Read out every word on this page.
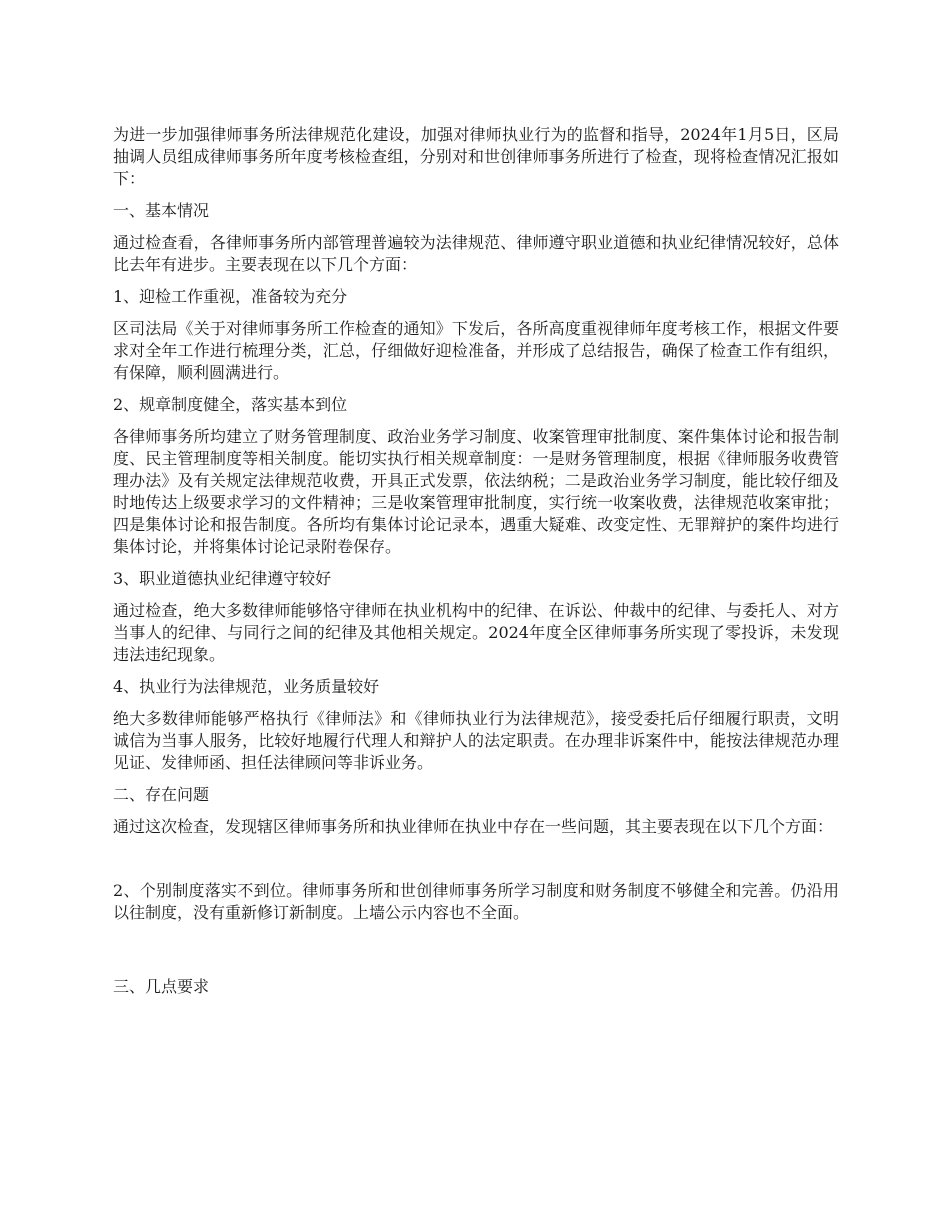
为进一步加强律师事务所法律规范化建设，加强对律师执业行为的监督和指导，2024年1月5日，区局抽调人员组成律师事务所年度考核检查组，分别对和世创律师事务所进行了检查，现将检查情况汇报如下：

一、基本情况

通过检查看，各律师事务所内部管理普遍较为法律规范、律师遵守职业道德和执业纪律情况较好，总体比去年有进步。主要表现在以下几个方面：

1、迎检工作重视，准备较为充分

区司法局《关于对律师事务所工作检查的通知》下发后，各所高度重视律师年度考核工作，根据文件要求对全年工作进行梳理分类，汇总，仔细做好迎检准备，并形成了总结报告，确保了检查工作有组织，有保障，顺利圆满进行。

2、规章制度健全，落实基本到位

各律师事务所均建立了财务管理制度、政治业务学习制度、收案管理审批制度、案件集体讨论和报告制度、民主管理制度等相关制度。能切实执行相关规章制度：一是财务管理制度，根据《律师服务收费管理办法》及有关规定法律规范收费，开具正式发票，依法纳税；二是政治业务学习制度，能比较仔细及时地传达上级要求学习的文件精神；三是收案管理审批制度，实行统一收案收费，法律规范收案审批；四是集体讨论和报告制度。各所均有集体讨论记录本，遇重大疑难、改变定性、无罪辩护的案件均进行集体讨论，并将集体讨论记录附卷保存。

3、职业道德执业纪律遵守较好

通过检查，绝大多数律师能够恪守律师在执业机构中的纪律、在诉讼、仲裁中的纪律、与委托人、对方当事人的纪律、与同行之间的纪律及其他相关规定。2024年度全区律师事务所实现了零投诉，未发现违法违纪现象。

4、执业行为法律规范，业务质量较好

绝大多数律师能够严格执行《律师法》和《律师执业行为法律规范》，接受委托后仔细履行职责，文明诚信为当事人服务，比较好地履行代理人和辩护人的法定职责。在办理非诉案件中，能按法律规范办理见证、发律师函、担任法律顾问等非诉业务。

二、存在问题

通过这次检查，发现辖区律师事务所和执业律师在执业中存在一些问题，其主要表现在以下几个方面：

2、个别制度落实不到位。律师事务所和世创律师事务所学习制度和财务制度不够健全和完善。仍沿用以往制度，没有重新修订新制度。上墙公示内容也不全面。

三、几点要求
